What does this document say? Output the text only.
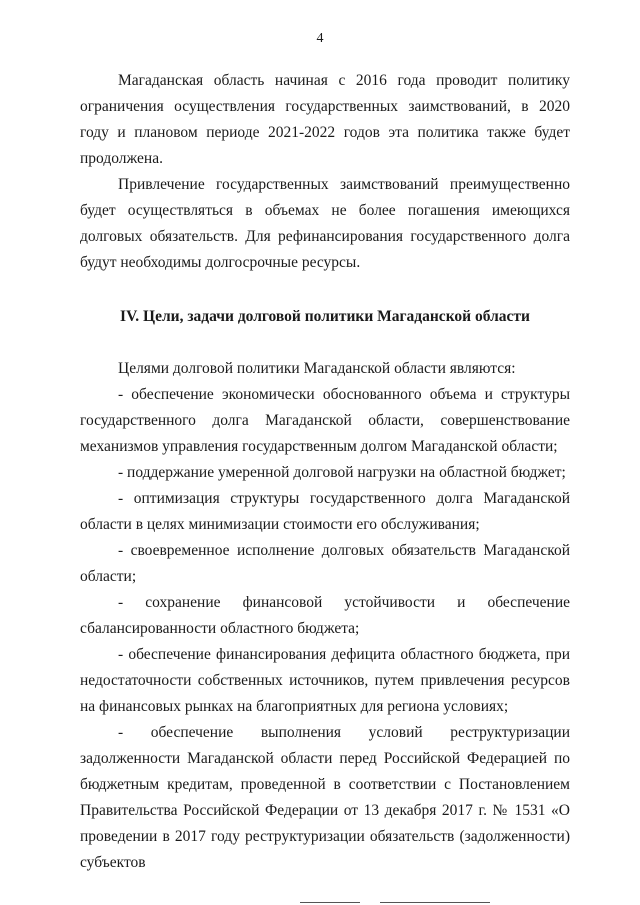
4

Магаданская область начиная с 2016 года проводит политику ограничения осуществления государственных заимствований, в 2020 году и плановом периоде 2021-2022 годов эта политика также будет продолжена.

Привлечение государственных заимствований преимущественно будет осуществляться в объемах не более погашения имеющихся долговых обязательств. Для рефинансирования государственного долга будут необходимы долгосрочные ресурсы.

IV. Цели, задачи долговой политики Магаданской области

Целями долговой политики Магаданской области являются:

- обеспечение экономически обоснованного объема и структуры государственного долга Магаданской области, совершенствование механизмов управления государственным долгом Магаданской области;

- поддержание умеренной долговой нагрузки на областной бюджет;

- оптимизация структуры государственного долга Магаданской области в целях минимизации стоимости его обслуживания;

- своевременное исполнение долговых обязательств Магаданской области;

- сохранение финансовой устойчивости и обеспечение сбалансированности областного бюджета;

- обеспечение финансирования дефицита областного бюджета, при недостаточности собственных источников, путем привлечения ресурсов на финансовых рынках на благоприятных для региона условиях;

- обеспечение выполнения условий реструктуризации задолженности Магаданской области перед Российской Федерацией по бюджетным кредитам, проведенной в соответствии с Постановлением Правительства Российской Федерации от 13 декабря 2017 г. № 1531 «О проведении в 2017 году реструктуризации обязательств (задолженности) субъектов
